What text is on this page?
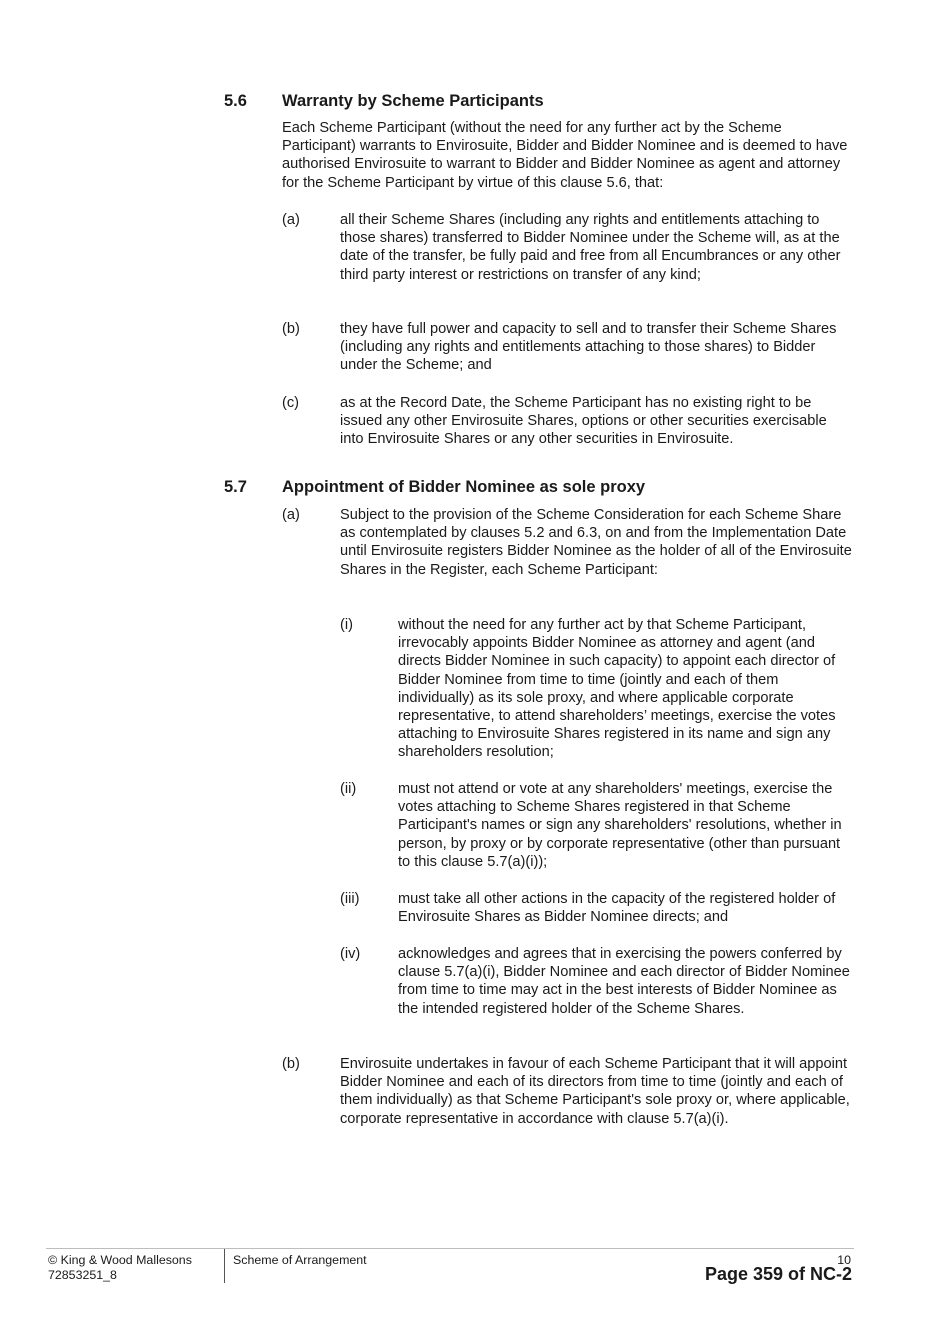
5.6 Warranty by Scheme Participants
Each Scheme Participant (without the need for any further act by the Scheme Participant) warrants to Envirosuite, Bidder and Bidder Nominee and is deemed to have authorised Envirosuite to warrant to Bidder and Bidder Nominee as agent and attorney for the Scheme Participant by virtue of this clause 5.6, that:
(a)	all their Scheme Shares (including any rights and entitlements attaching to those shares) transferred to Bidder Nominee under the Scheme will, as at the date of the transfer, be fully paid and free from all Encumbrances or any other third party interest or restrictions on transfer of any kind;
(b)	they have full power and capacity to sell and to transfer their Scheme Shares (including any rights and entitlements attaching to those shares) to Bidder under the Scheme; and
(c)	as at the Record Date, the Scheme Participant has no existing right to be issued any other Envirosuite Shares, options or other securities exercisable into Envirosuite Shares or any other securities in Envirosuite.
5.7 Appointment of Bidder Nominee as sole proxy
(a)	Subject to the provision of the Scheme Consideration for each Scheme Share as contemplated by clauses 5.2 and 6.3, on and from the Implementation Date until Envirosuite registers Bidder Nominee as the holder of all of the Envirosuite Shares in the Register, each Scheme Participant:
(i)	without the need for any further act by that Scheme Participant, irrevocably appoints Bidder Nominee as attorney and agent (and directs Bidder Nominee in such capacity) to appoint each director of Bidder Nominee from time to time (jointly and each of them individually) as its sole proxy, and where applicable corporate representative, to attend shareholders’ meetings, exercise the votes attaching to Envirosuite Shares registered in its name and sign any shareholders resolution;
(ii)	must not attend or vote at any shareholders' meetings, exercise the votes attaching to Scheme Shares registered in that Scheme Participant's names or sign any shareholders' resolutions, whether in person, by proxy or by corporate representative (other than pursuant to this clause 5.7(a)(i));
(iii)	must take all other actions in the capacity of the registered holder of Envirosuite Shares as Bidder Nominee directs; and
(iv)	acknowledges and agrees that in exercising the powers conferred by clause 5.7(a)(i), Bidder Nominee and each director of Bidder Nominee from time to time may act in the best interests of Bidder Nominee as the intended registered holder of the Scheme Shares.
(b)	Envirosuite undertakes in favour of each Scheme Participant that it will appoint Bidder Nominee and each of its directors from time to time (jointly and each of them individually) as that Scheme Participant's sole proxy or, where applicable, corporate representative in accordance with clause 5.7(a)(i).
© King & Wood Mallesons
72853251_8
Scheme of Arrangement	10
Page 359 of NC-2
